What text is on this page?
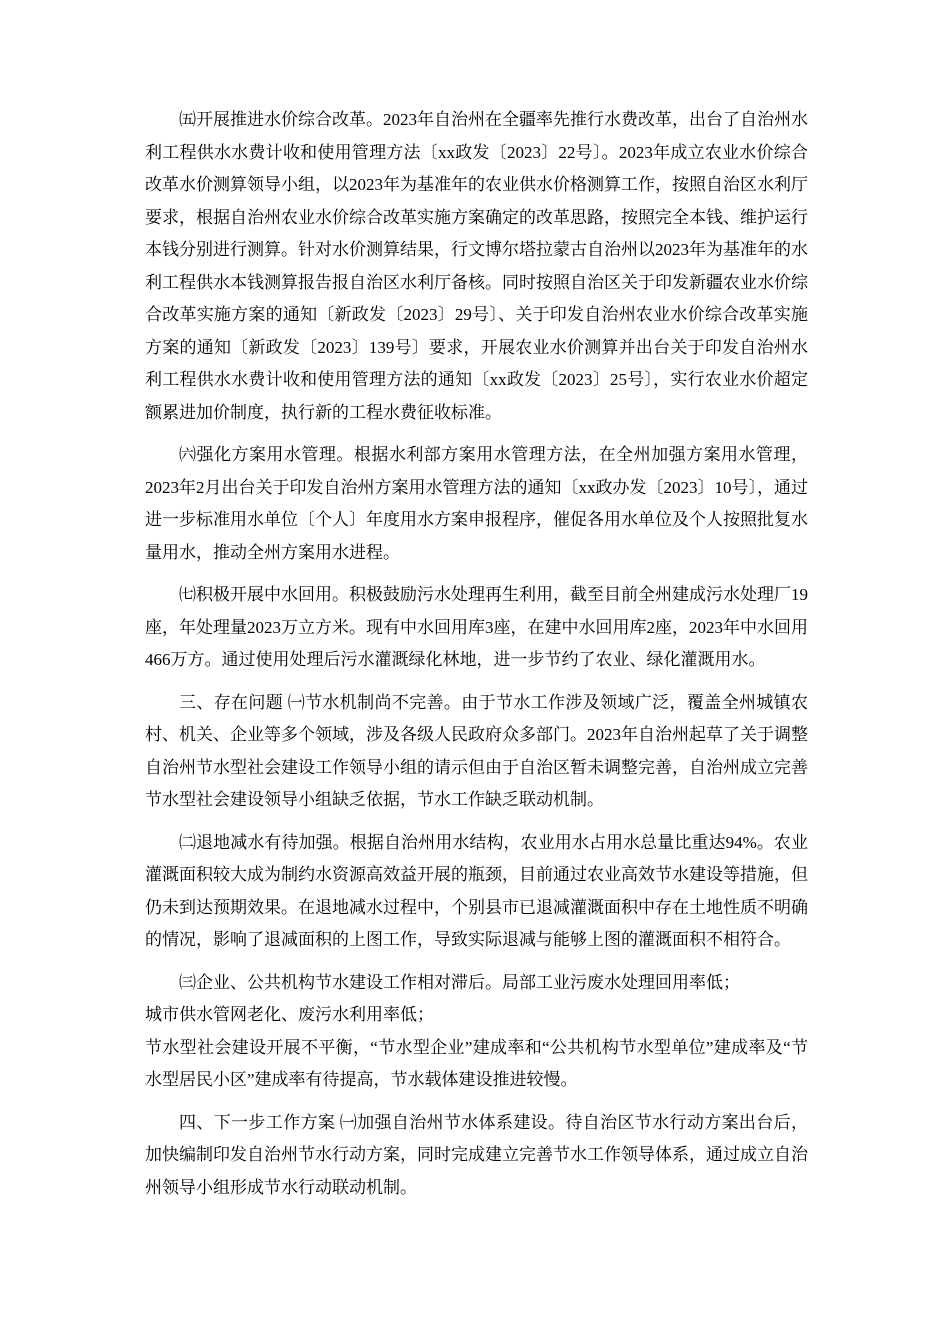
㈤开展推进水价综合改革。2023年自治州在全疆率先推行水费改革，出台了自治州水利工程供水水费计收和使用管理方法〔xx政发〔2023〕22号〕。2023年成立农业水价综合改革水价测算领导小组，以2023年为基准年的农业供水价格测算工作，按照自治区水利厅要求，根据自治州农业水价综合改革实施方案确定的改革思路，按照完全本钱、维护运行本钱分别进行测算。针对水价测算结果，行文博尔塔拉蒙古自治州以2023年为基准年的水利工程供水本钱测算报告报自治区水利厅备核。同时按照自治区关于印发新疆农业水价综合改革实施方案的通知〔新政发〔2023〕29号〕、关于印发自治州农业水价综合改革实施方案的通知〔新政发〔2023〕139号〕要求，开展农业水价测算并出台关于印发自治州水利工程供水水费计收和使用管理方法的通知〔xx政发〔2023〕25号〕，实行农业水价超定额累进加价制度，执行新的工程水费征收标准。

㈥强化方案用水管理。根据水利部方案用水管理方法，在全州加强方案用水管理，2023年2月出台关于印发自治州方案用水管理方法的通知〔xx政办发〔2023〕10号〕，通过进一步标准用水单位〔个人〕年度用水方案申报程序，催促各用水单位及个人按照批复水量用水，推动全州方案用水进程。

㈦积极开展中水回用。积极鼓励污水处理再生利用，截至目前全州建成污水处理厂19座，年处理量2023万立方米。现有中水回用库3座，在建中水回用库2座，2023年中水回用466万方。通过使用处理后污水灌溉绿化林地，进一步节约了农业、绿化灌溉用水。

三、存在问题 ㈠节水机制尚不完善。由于节水工作涉及领域广泛，覆盖全州城镇农村、机关、企业等多个领域，涉及各级人民政府众多部门。2023年自治州起草了关于调整自治州节水型社会建设工作领导小组的请示但由于自治区暂未调整完善，自治州成立完善节水型社会建设领导小组缺乏依据，节水工作缺乏联动机制。

㈡退地减水有待加强。根据自治州用水结构，农业用水占用水总量比重达94%。农业灌溉面积较大成为制约水资源高效益开展的瓶颈，目前通过农业高效节水建设等措施，但仍未到达预期效果。在退地减水过程中，个别县市已退减灌溉面积中存在土地性质不明确的情况，影响了退减面积的上图工作，导致实际退减与能够上图的灌溉面积不相符合。

㈢企业、公共机构节水建设工作相对滞后。局部工业污废水处理回用率低；

城市供水管网老化、废污水利用率低；

节水型社会建设开展不平衡，“节水型企业”建成率和“公共机构节水型单位”建成率及“节水型居民小区”建成率有待提高，节水载体建设推进较慢。

四、下一步工作方案 ㈠加强自治州节水体系建设。待自治区节水行动方案出台后，加快编制印发自治州节水行动方案，同时完成建立完善节水工作领导体系，通过成立自治州领导小组形成节水行动联动机制。
